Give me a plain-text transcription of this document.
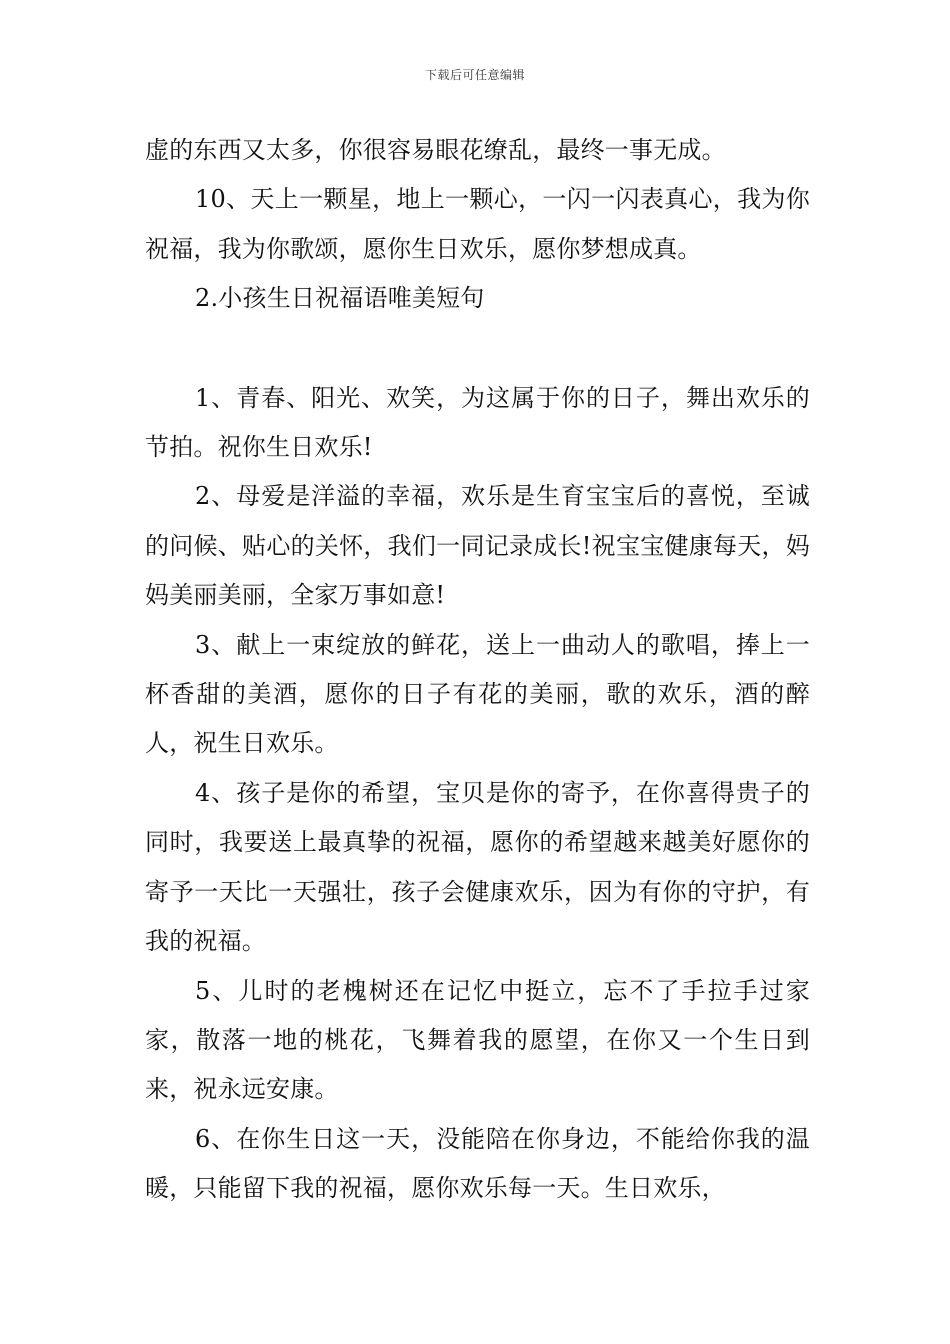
下载后可任意编辑

虚的东西又太多，你很容易眼花缭乱，最终一事无成。

10、天上一颗星，地上一颗心，一闪一闪表真心，我为你祝福，我为你歌颂，愿你生日欢乐，愿你梦想成真。

2.小孩生日祝福语唯美短句

1、青春、阳光、欢笑，为这属于你的日子，舞出欢乐的节拍。祝你生日欢乐!

2、母爱是洋溢的幸福，欢乐是生育宝宝后的喜悦，至诚的问候、贴心的关怀，我们一同记录成长!祝宝宝健康每天，妈妈美丽美丽，全家万事如意!

3、献上一束绽放的鲜花，送上一曲动人的歌唱，捧上一杯香甜的美酒，愿你的日子有花的美丽，歌的欢乐，酒的醉人，祝生日欢乐。

4、孩子是你的希望，宝贝是你的寄予，在你喜得贵子的同时，我要送上最真挚的祝福，愿你的希望越来越美好愿你的寄予一天比一天强壮，孩子会健康欢乐，因为有你的守护，有我的祝福。

5、儿时的老槐树还在记忆中挺立，忘不了手拉手过家家，散落一地的桃花，飞舞着我的愿望，在你又一个生日到来，祝永远安康。

6、在你生日这一天，没能陪在你身边，不能给你我的温暖，只能留下我的祝福，愿你欢乐每一天。生日欢乐，
